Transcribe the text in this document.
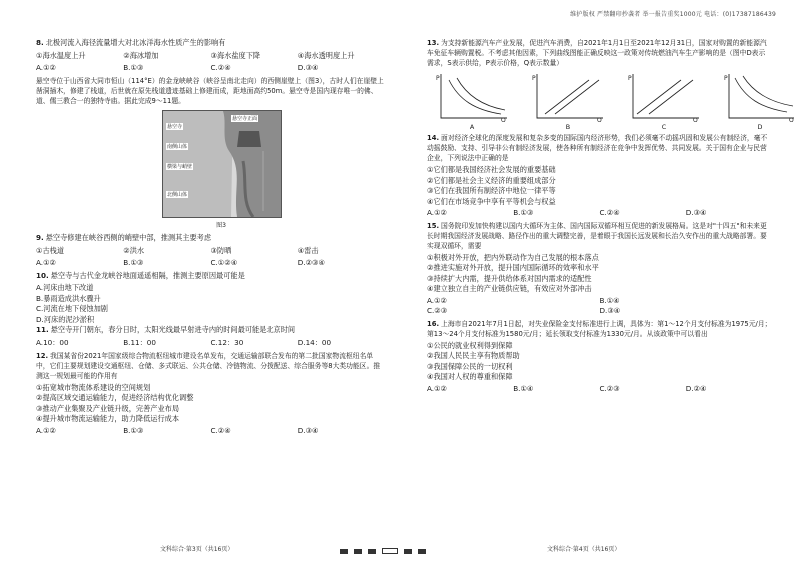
8. 北极河流入海径流量增大对北冰洋海水性质产生的影响有

①海水温度上升	②海冰增加	③海水盐度下降	④海水透明度上升
A.①②	B.①③	C.②④	D.③④

悬空寺位于山西省大同市恒山（114°E）的金龙峡峡谷（峡谷呈南北走向）的西侧崖壁上（图3），古时人们在崖壁上凿洞插木，修建了栈道，后世就在原先栈道遗迹基础上修建而成，距地面高约50m。悬空寺是国内现存唯一的佛、道、儒三教合一的独特寺庙。据此完成9～11题。

悬空寺
南侧山体
横梁与峭壁
北侧山体
悬空寺正面
图3

9. 悬空寺修建在峡谷西侧的峭壁中部，推测其主要考虑

①古栈道	②洪水	③防晒	④雷击
A.①②	B.①③	C.①②④	D.②③④

10. 悬空寺与古代金龙峡谷地面遥遥相隔，推测主要原因最可能是

A.河床由地下改道

B.暴雨造成洪水骤升

C.河流在地下侵蚀加剧

D.河床的泥沙淤积

11. 悬空寺开门朝东，春分日时，太阳光线最早射进寺内的时间最可能是北京时间

A.10：00	B.11：00	C.12：30	D.14：00

12. 我国某省份2021年国家级综合物流枢纽城市建设名单发布，交通运输部联合发布的第二批国家物流枢纽名单中，它们主要规划建设交通枢纽、仓储、多式联运、公共仓储、冷链物流、分拨配送、综合服务等8大类功能区。推测这一规划最可能的作用有

①拓宽城市物流体系建设的空间规划

②提高区域交通运输能力，促进经济结构优化调整

③推动产业集聚及产业链升级，完善产业布局

④提升城市物流运输能力，助力降低运行成本

A.①②	B.①③	C.②④	D.③④
文科综合·第3页（共16页）
维护版权 严禁翻印抄袭者 举一报告重奖1000元 电话：(0)17387186439

13. 为支持新能源汽车产业发展，促进汽车消费，自2021年1月1日至2021年12月31日，国家对购置的新能源汽车免征车辆购置税。不考虑其他因素，下列曲线图能正确反映这一政策对传统燃油汽车生产影响的是（图中D表示需求，S表示供给，P表示价格，Q表示数量）

P
Q
A
P
Q
B
P
Q
C
P
Q
D

14. 面对经济全球化的深度发展和复杂多变的国际国内经济形势，我们必须毫不动摇巩固和发展公有制经济，毫不动摇鼓励、支持、引导非公有制经济发展，使各种所有制经济在竞争中发挥优势、共同发展。关于国有企业与民营企业，下列说法中正确的是

①它们都是我国经济社会发展的重要基础

②它们都是社会主义经济的重要组成部分

③它们在我国所有制经济中地位一律平等

④它们在市场竞争中享有平等机会与权益

A.①②	B.①③	C.②④	D.③④

15. 国务院印发加快构建以国内大循环为主体、国内国际双循环相互促进的新发展格局。这是对"十四五"和未来更长时期我国经济发展战略、路径作出的重大调整完善，是着眼于我国长远发展和长治久安作出的重大战略部署。要实现双循环，需要

①积极对外开放，把内外联动作为自己发展的根本落点

②推进实施对外开放，提升国内国际循环的效率和水平

③持续扩大内需，提升供给体系对国内需求的适配性

④建立独立自主的产业链供应链，有效应对外部冲击

A.①②	B.①④
C.②③	D.③④

16. 上海市自2021年7月1日起，对失业保险金支付标准进行上调，具体为：第1～12个月支付标准为1975元/月；第13～24个月支付标准为1580元/月；延长领取支付标准为1330元/月。从该政策中可以看出

①公民的就业权利得到保障

②我国人民民主享有物质帮助

③我国保障公民的一切权利

④我国对人权的尊重和保障

A.①②	B.①④	C.②③	D.②④
文科综合·第4页（共16页）
